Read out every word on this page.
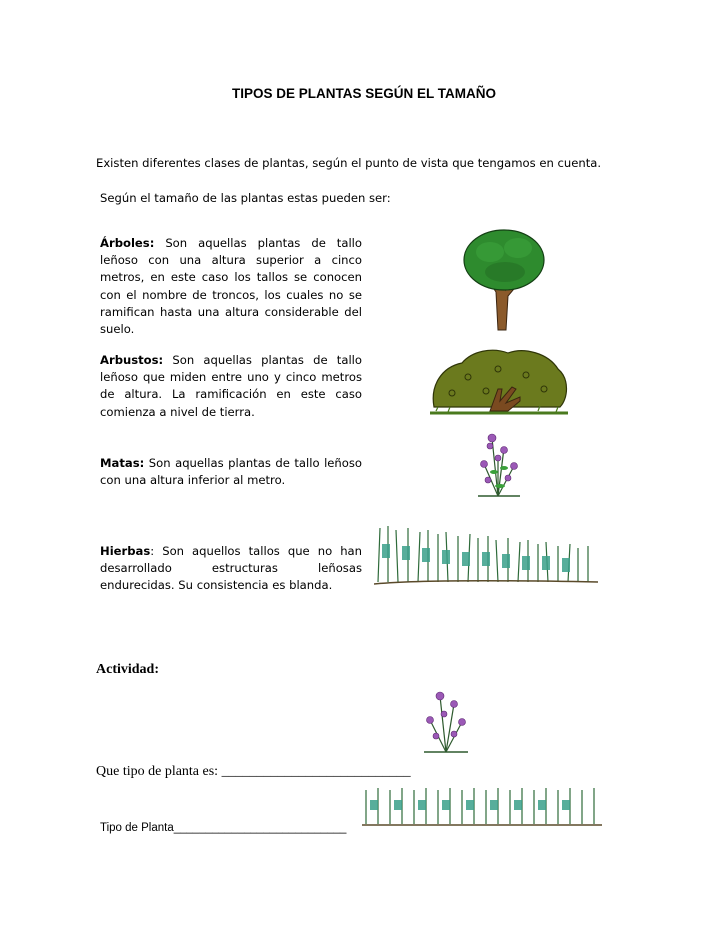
TIPOS DE PLANTAS SEGÚN EL TAMAÑO
Existen diferentes clases de plantas, según el punto de vista que tengamos en cuenta.
Según el tamaño de las plantas estas pueden ser:
Árboles: Son aquellas plantas de tallo leñoso con una altura superior a cinco metros, en este caso los tallos se conocen con el nombre de troncos, los cuales no se ramifican hasta una altura considerable del suelo.
Arbustos: Son aquellas plantas de tallo leñoso que miden entre uno y cinco metros de altura. La ramificación en este caso comienza a nivel de tierra.
Matas: Son aquellas plantas de tallo leñoso con una altura inferior al metro.
Hierbas: Son aquellos tallos que no han desarrollado estructuras leñosas endurecidas. Su consistencia es blanda.
Actividad:
Que tipo de planta es: ___________________________
Tipo de Planta___________________________
